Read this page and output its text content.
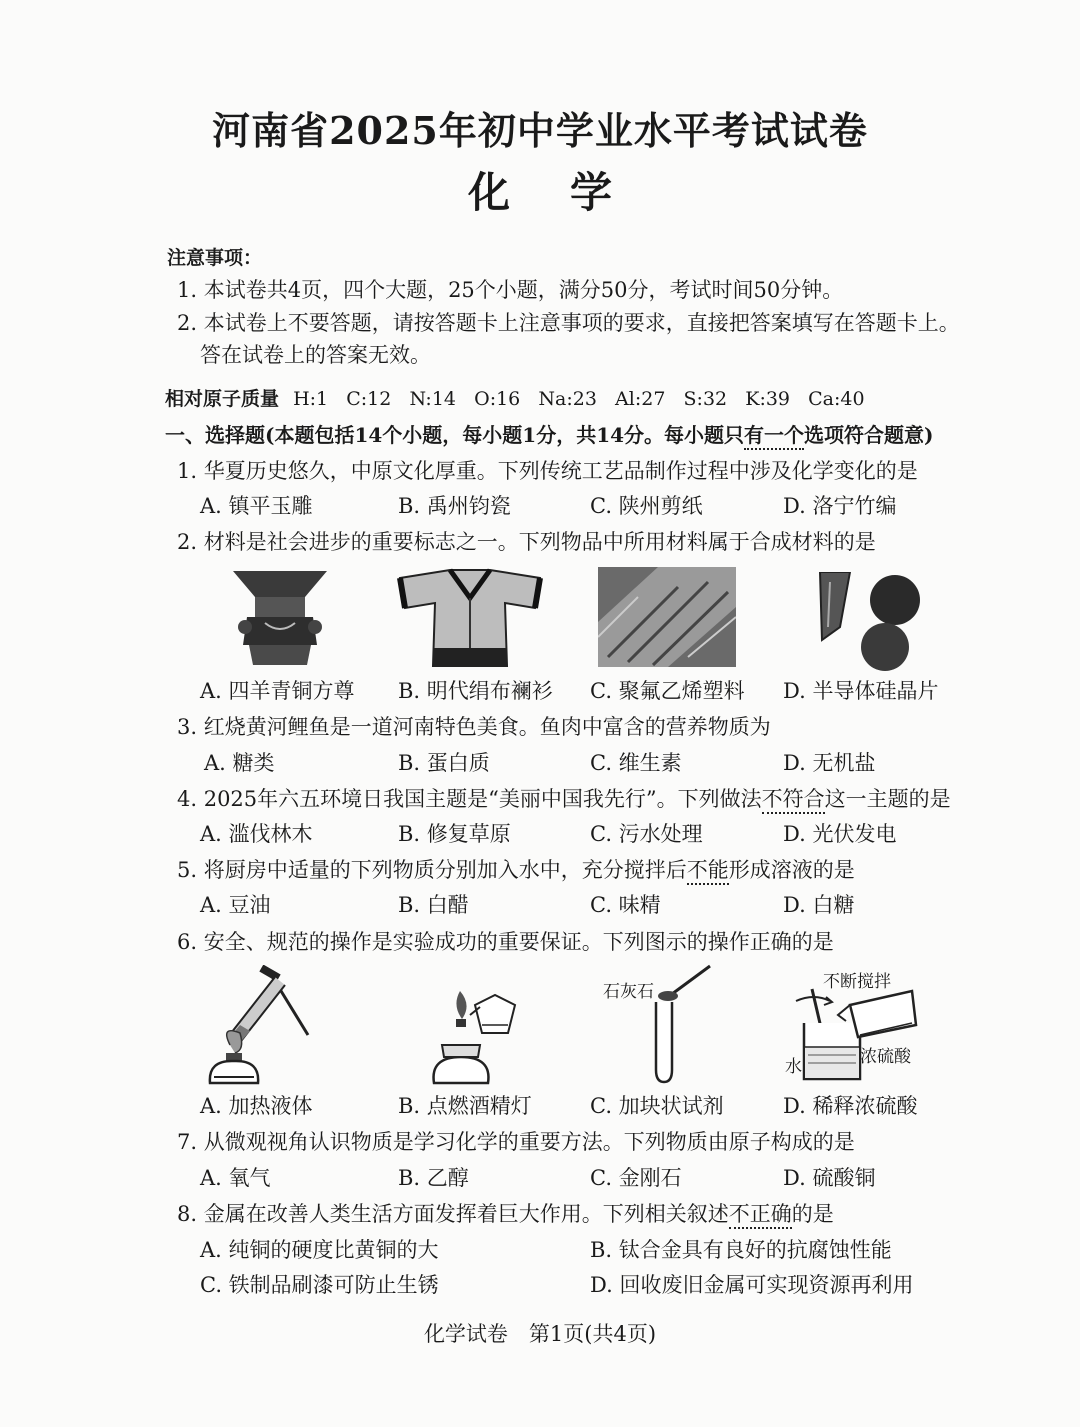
河南省2025年初中学业水平考试试卷
化学
注意事项：
1. 本试卷共4页，四个大题，25个小题，满分50分，考试时间50分钟。
2. 本试卷上不要答题，请按答题卡上注意事项的要求，直接把答案填写在答题卡上。
答在试卷上的答案无效。
相对原子质量 H:1   C:12   N:14   O:16   Na:23   Al:27   S:32   K:39   Ca:40
一、选择题(本题包括14个小题，每小题1分，共14分。每小题只有一个选项符合题意)
1. 华夏历史悠久，中原文化厚重。下列传统工艺品制作过程中涉及化学变化的是
A. 镇平玉雕	B. 禹州钧瓷	C. 陕州剪纸	D. 洛宁竹编
2. 材料是社会进步的重要标志之一。下列物品中所用材料属于合成材料的是
A. 四羊青铜方尊 B. 明代绢布襕衫 C. 聚氟乙烯塑料 D. 半导体硅晶片
3. 红烧黄河鲤鱼是一道河南特色美食。鱼肉中富含的营养物质为
A. 糖类	B. 蛋白质	C. 维生素	D. 无机盐
4. 2025年六五环境日我国主题是“美丽中国我先行”。下列做法不符合这一主题的是
A. 滥伐林木	B. 修复草原	C. 污水处理	D. 光伏发电
5. 将厨房中适量的下列物质分别加入水中，充分搅拌后不能形成溶液的是
A. 豆油	B. 白醋	C. 味精	D. 白糖
6. 安全、规范的操作是实验成功的重要保证。下列图示的操作正确的是
石灰石	不断搅拌
水	浓硫酸
A. 加热液体	B. 点燃酒精灯	C. 加块状试剂	D. 稀释浓硫酸
7. 从微观视角认识物质是学习化学的重要方法。下列物质由原子构成的是
A. 氧气	B. 乙醇	C. 金刚石	D. 硫酸铜
8. 金属在改善人类生活方面发挥着巨大作用。下列相关叙述不正确的是
A. 纯铜的硬度比黄铜的大	B. 钛合金具有良好的抗腐蚀性能
C. 铁制品刷漆可防止生锈	D. 回收废旧金属可实现资源再利用
化学试卷　第1页(共4页)
